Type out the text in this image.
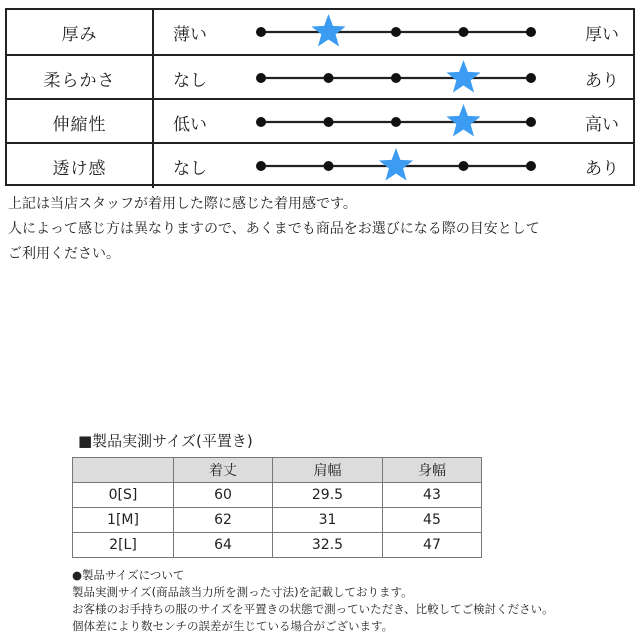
厚み	薄い	厚い
柔らかさ	なし	あり
伸縮性	低い	高い
透け感	なし	あり
上記は当店スタッフが着用した際に感じた着用感です。
人によって感じ方は異なりますので、あくまでも商品をお選びになる際の目安として
ご利用ください。
■製品実測サイズ(平置き)
	着丈	肩幅	身幅
0[S]	60	29.5	43
1[M]	62	31	45
2[L]	64	32.5	47
●製品サイズについて
製品実測サイズ(商品該当力所を測った寸法)を記載しております。
お客様のお手持ちの服のサイズを平置きの状態で測っていただき、比較してご検討ください。
個体差により数センチの誤差が生じている場合がございます。
